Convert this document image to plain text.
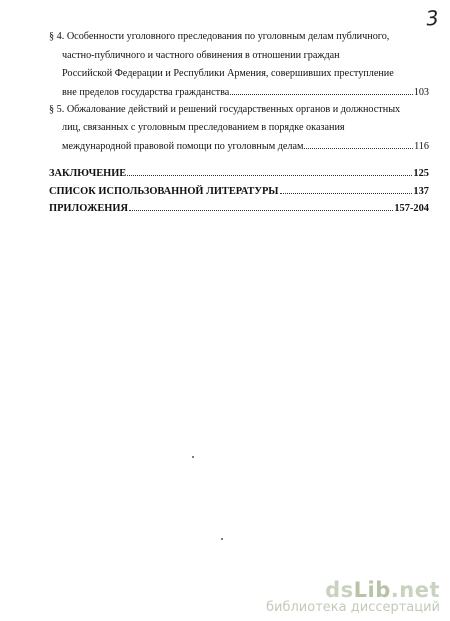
3
§ 4. Особенности уголовного преследования по уголовным делам публичного,
частно-публичного и частного обвинения в отношении граждан
Российской Федерации и Республики Армения, совершивших преступление
вне пределов государства гражданства	103
§ 5. Обжалование действий и решений государственных органов и должностных
лиц, связанных с уголовным преследованием в порядке оказания
международной правовой помощи по уголовным делам	116
ЗАКЛЮЧЕНИЕ	125
СПИСОК ИСПОЛЬЗОВАННОЙ ЛИТЕРАТУРЫ	137
ПРИЛОЖЕНИЯ	157-204
dsLib.net
библиотека диссертаций
